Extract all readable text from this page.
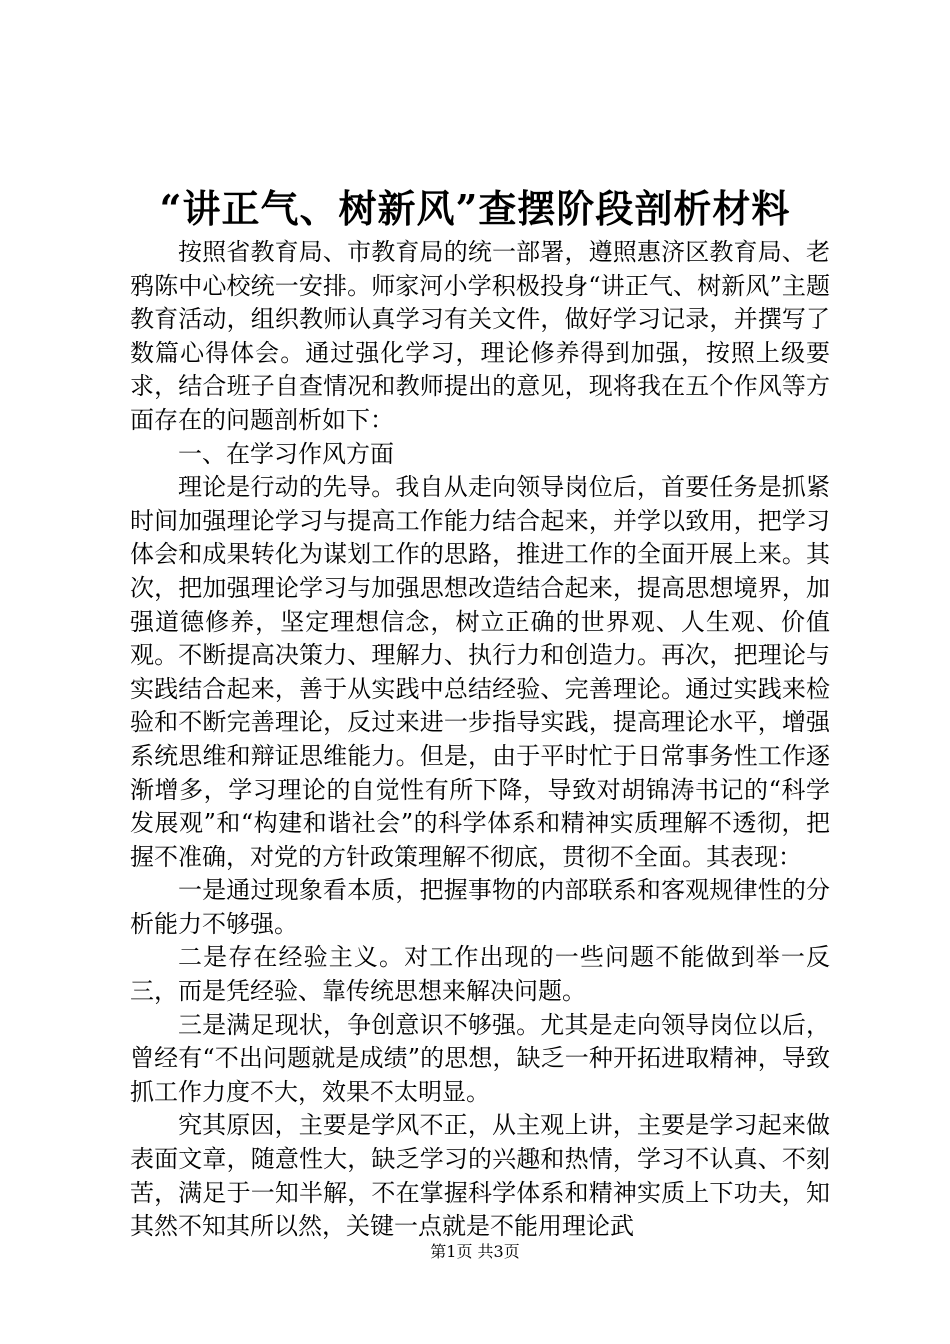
“讲正气、树新风”查摆阶段剖析材料

按照省教育局、市教育局的统一部署，遵照惠济区教育局、老鸦陈中心校统一安排。师家河小学积极投身“讲正气、树新风”主题教育活动，组织教师认真学习有关文件，做好学习记录，并撰写了数篇心得体会。通过强化学习，理论修养得到加强，按照上级要求，结合班子自查情况和教师提出的意见，现将我在五个作风等方面存在的问题剖析如下：

一、在学习作风方面

理论是行动的先导。我自从走向领导岗位后，首要任务是抓紧时间加强理论学习与提高工作能力结合起来，并学以致用，把学习体会和成果转化为谋划工作的思路，推进工作的全面开展上来。其次，把加强理论学习与加强思想改造结合起来，提高思想境界，加强道德修养，坚定理想信念，树立正确的世界观、人生观、价值观。不断提高决策力、理解力、执行力和创造力。再次，把理论与实践结合起来，善于从实践中总结经验、完善理论。通过实践来检验和不断完善理论，反过来进一步指导实践，提高理论水平，增强系统思维和辩证思维能力。但是，由于平时忙于日常事务性工作逐渐增多，学习理论的自觉性有所下降，导致对胡锦涛书记的“科学发展观”和“构建和谐社会”的科学体系和精神实质理解不透彻，把握不准确，对党的方针政策理解不彻底，贯彻不全面。其表现：

一是通过现象看本质，把握事物的内部联系和客观规律性的分析能力不够强。

二是存在经验主义。对工作出现的一些问题不能做到举一反三，而是凭经验、靠传统思想来解决问题。

三是满足现状，争创意识不够强。尤其是走向领导岗位以后，曾经有“不出问题就是成绩”的思想，缺乏一种开拓进取精神，导致抓工作力度不大，效果不太明显。

究其原因，主要是学风不正，从主观上讲，主要是学习起来做表面文章，随意性大，缺乏学习的兴趣和热情，学习不认真、不刻苦，满足于一知半解，不在掌握科学体系和精神实质上下功夫，知其然不知其所以然，关键一点就是不能用理论武

第1页 共3页
